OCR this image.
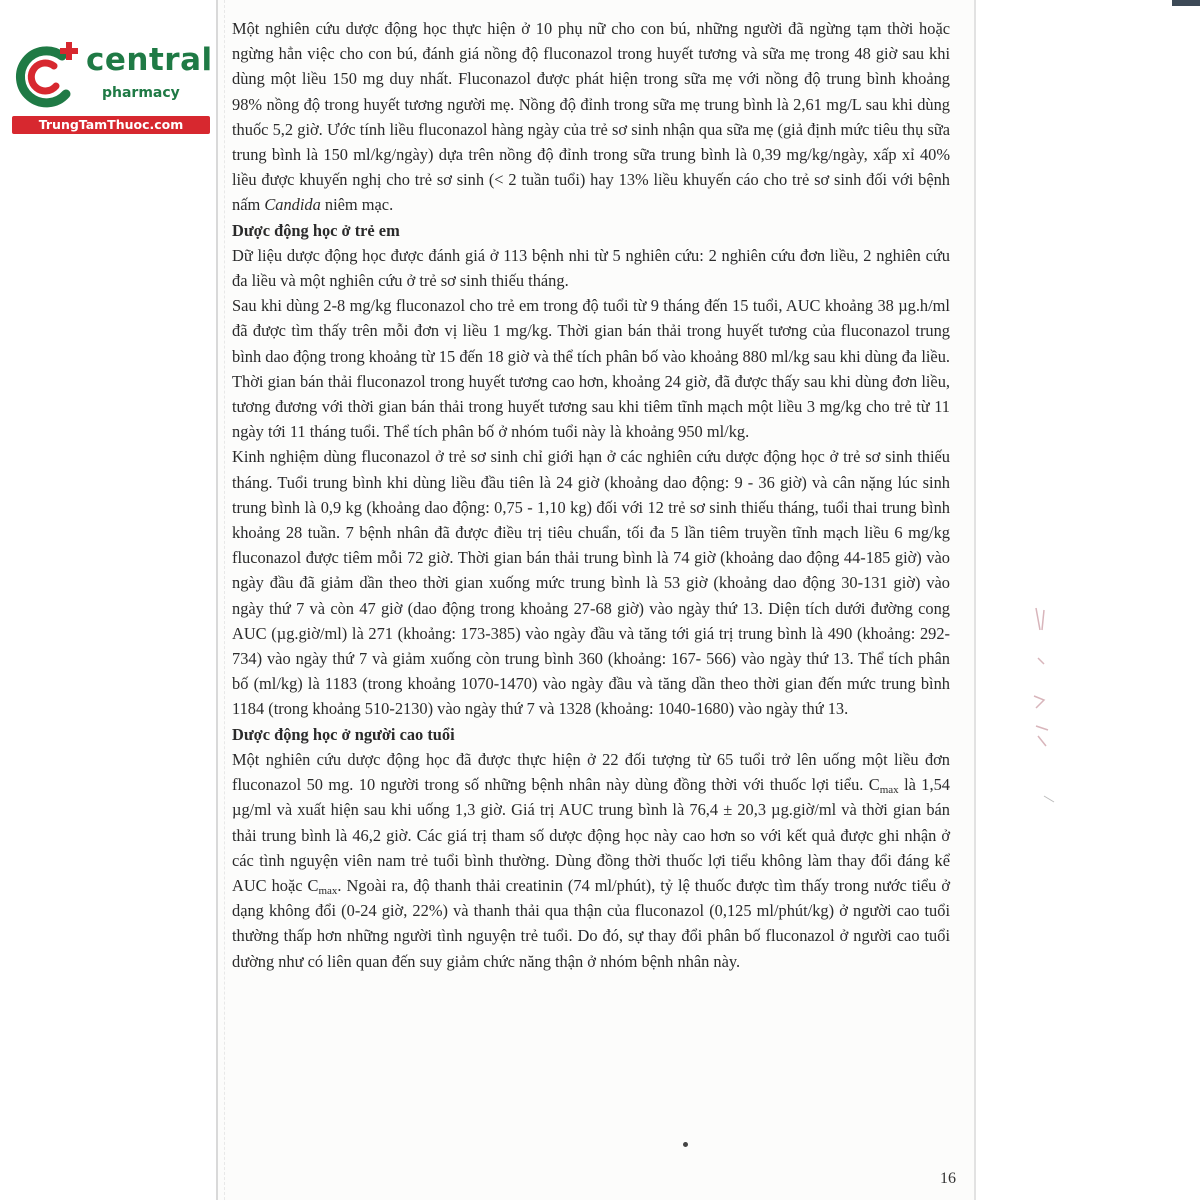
central
pharmacy
TrungTamThuoc.com

Một nghiên cứu dược động học thực hiện ở 10 phụ nữ cho con bú, những người đã ngừng tạm thời hoặc ngừng hẳn việc cho con bú, đánh giá nồng độ fluconazol trong huyết tương và sữa mẹ trong 48 giờ sau khi dùng một liều 150 mg duy nhất. Fluconazol được phát hiện trong sữa mẹ với nồng độ trung bình khoảng 98% nồng độ trong huyết tương người mẹ. Nồng độ đỉnh trong sữa mẹ trung bình là 2,61 mg/L sau khi dùng thuốc 5,2 giờ. Ước tính liều fluconazol hàng ngày của trẻ sơ sinh nhận qua sữa mẹ (giả định mức tiêu thụ sữa trung bình là 150 ml/kg/ngày) dựa trên nồng độ đỉnh trong sữa trung bình là 0,39 mg/kg/ngày, xấp xỉ 40% liều được khuyến nghị cho trẻ sơ sinh (< 2 tuần tuổi) hay 13% liều khuyến cáo cho trẻ sơ sinh đối với bệnh nấm Candida niêm mạc.

Dược động học ở trẻ em

Dữ liệu dược động học được đánh giá ở 113 bệnh nhi từ 5 nghiên cứu: 2 nghiên cứu đơn liều, 2 nghiên cứu đa liều và một nghiên cứu ở trẻ sơ sinh thiếu tháng.

Sau khi dùng 2-8 mg/kg fluconazol cho trẻ em trong độ tuổi từ 9 tháng đến 15 tuổi, AUC khoảng 38 µg.h/ml đã được tìm thấy trên mỗi đơn vị liều 1 mg/kg. Thời gian bán thải trong huyết tương của fluconazol trung bình dao động trong khoảng từ 15 đến 18 giờ và thể tích phân bố vào khoảng 880 ml/kg sau khi dùng đa liều. Thời gian bán thải fluconazol trong huyết tương cao hơn, khoảng 24 giờ, đã được thấy sau khi dùng đơn liều, tương đương với thời gian bán thải trong huyết tương sau khi tiêm tĩnh mạch một liều 3 mg/kg cho trẻ từ 11 ngày tới 11 tháng tuổi. Thể tích phân bố ở nhóm tuổi này là khoảng 950 ml/kg.

Kinh nghiệm dùng fluconazol ở trẻ sơ sinh chỉ giới hạn ở các nghiên cứu dược động học ở trẻ sơ sinh thiếu tháng. Tuổi trung bình khi dùng liều đầu tiên là 24 giờ (khoảng dao động: 9 - 36 giờ) và cân nặng lúc sinh trung bình là 0,9 kg (khoảng dao động: 0,75 - 1,10 kg) đối với 12 trẻ sơ sinh thiếu tháng, tuổi thai trung bình khoảng 28 tuần. 7 bệnh nhân đã được điều trị tiêu chuẩn, tối đa 5 lần tiêm truyền tĩnh mạch liều 6 mg/kg fluconazol được tiêm mỗi 72 giờ. Thời gian bán thải trung bình là 74 giờ (khoảng dao động 44-185 giờ) vào ngày đầu đã giảm dần theo thời gian xuống mức trung bình là 53 giờ (khoảng dao động 30-131 giờ) vào ngày thứ 7 và còn 47 giờ (dao động trong khoảng 27-68 giờ) vào ngày thứ 13. Diện tích dưới đường cong AUC (µg.giờ/ml) là 271 (khoảng: 173-385) vào ngày đầu và tăng tới giá trị trung bình là 490 (khoảng: 292-734) vào ngày thứ 7 và giảm xuống còn trung bình 360 (khoảng: 167- 566) vào ngày thứ 13. Thể tích phân bố (ml/kg) là 1183 (trong khoảng 1070-1470) vào ngày đầu và tăng dần theo thời gian đến mức trung bình 1184 (trong khoảng 510-2130) vào ngày thứ 7 và 1328 (khoảng: 1040-1680) vào ngày thứ 13.

Dược động học ở người cao tuổi

Một nghiên cứu dược động học đã được thực hiện ở 22 đối tượng từ 65 tuổi trở lên uống một liều đơn fluconazol 50 mg. 10 người trong số những bệnh nhân này dùng đồng thời với thuốc lợi tiểu. $C_{max}$ là 1,54 µg/ml và xuất hiện sau khi uống 1,3 giờ. Giá trị AUC trung bình là 76,4 ± 20,3 µg.giờ/ml và thời gian bán thải trung bình là 46,2 giờ. Các giá trị tham số dược động học này cao hơn so với kết quả được ghi nhận ở các tình nguyện viên nam trẻ tuổi bình thường. Dùng đồng thời thuốc lợi tiểu không làm thay đổi đáng kể AUC hoặc $C_{max}$. Ngoài ra, độ thanh thải creatinin (74 ml/phút), tỷ lệ thuốc được tìm thấy trong nước tiểu ở dạng không đổi (0-24 giờ, 22%) và thanh thải qua thận của fluconazol (0,125 ml/phút/kg) ở người cao tuổi thường thấp hơn những người tình nguyện trẻ tuổi. Do đó, sự thay đổi phân bố fluconazol ở người cao tuổi dường như có liên quan đến suy giảm chức năng thận ở nhóm bệnh nhân này.

16
